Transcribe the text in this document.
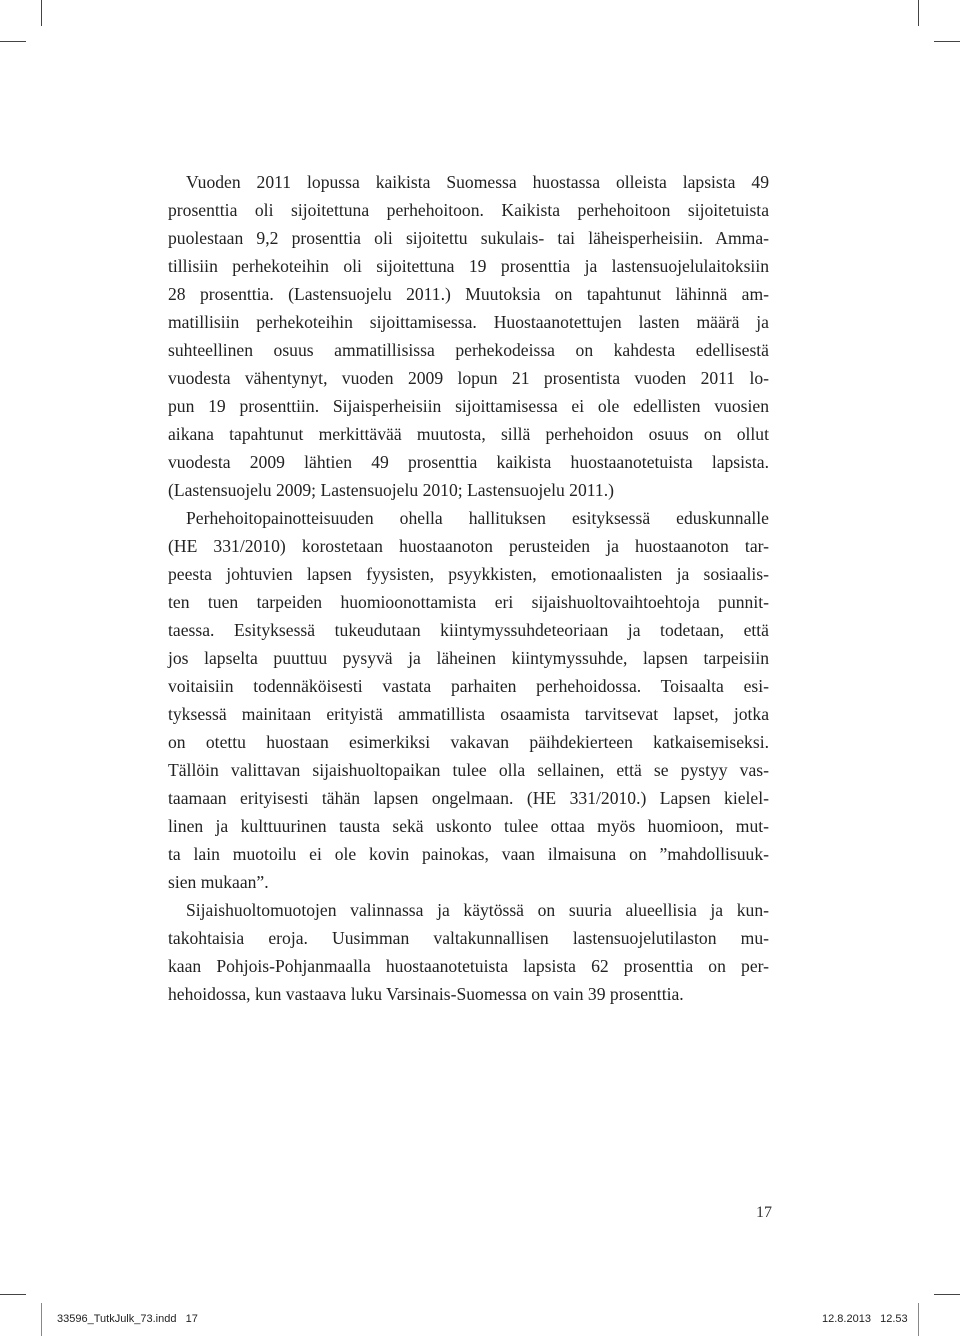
Vuoden 2011 lopussa kaikista Suomessa huostassa olleista lapsista 49
prosenttia oli sijoitettuna perhehoitoon. Kaikista perhehoitoon sijoitetuista
puolestaan 9,2 prosenttia oli sijoitettu sukulais- tai läheisperheisiin. Amma-
tillisiin perhekoteihin oli sijoitettuna 19 prosenttia ja lastensuojelulaitoksiin
28 prosenttia. (Lastensuojelu 2011.) Muutoksia on tapahtunut lähinnä am-
matillisiin perhekoteihin sijoittamisessa. Huostaanotettujen lasten määrä ja
suhteellinen osuus ammatillisissa perhekodeissa on kahdesta edellisestä
vuodesta vähentynyt, vuoden 2009 lopun 21 prosentista vuoden 2011 lo-
pun 19 prosenttiin. Sijaisperheisiin sijoittamisessa ei ole edellisten vuosien
aikana tapahtunut merkittävää muutosta, sillä perhehoidon osuus on ollut
vuodesta 2009 lähtien 49 prosenttia kaikista huostaanotetuista lapsista.
(Lastensuojelu 2009; Lastensuojelu 2010; Lastensuojelu 2011.)

Perhehoitopainotteisuuden ohella hallituksen esityksessä eduskunnalle
(HE 331/2010) korostetaan huostaanoton perusteiden ja huostaanoton tar-
peesta johtuvien lapsen fyysisten, psyykkisten, emotionaalisten ja sosiaalis-
ten tuen tarpeiden huomioonottamista eri sijaishuoltovaihtoehtoja punnit-
taessa. Esityksessä tukeudutaan kiintymyssuhdeteoriaan ja todetaan, että
jos lapselta puuttuu pysyvä ja läheinen kiintymyssuhde, lapsen tarpeisiin
voitaisiin todennäköisesti vastata parhaiten perhehoidossa. Toisaalta esi-
tyksessä mainitaan erityistä ammatillista osaamista tarvitsevat lapset, jotka
on otettu huostaan esimerkiksi vakavan päihdekierteen katkaisemiseksi.
Tällöin valittavan sijaishuoltopaikan tulee olla sellainen, että se pystyy vas-
taamaan erityisesti tähän lapsen ongelmaan. (HE 331/2010.) Lapsen kielel-
linen ja kulttuurinen tausta sekä uskonto tulee ottaa myös huomioon, mut-
ta lain muotoilu ei ole kovin painokas, vaan ilmaisuna on ”mahdollisuuk-
sien mukaan”.

Sijaishuoltomuotojen valinnassa ja käytössä on suuria alueellisia ja kun-
takohtaisia eroja. Uusimman valtakunnallisen lastensuojelutilaston mu-
kaan Pohjois-Pohjanmaalla huostaanotetuista lapsista 62 prosenttia on per-
hehoidossa, kun vastaava luku Varsinais-Suomessa on vain 39 prosenttia.

17
33596_TutkJulk_73.indd   17	12.8.2013   12.53
